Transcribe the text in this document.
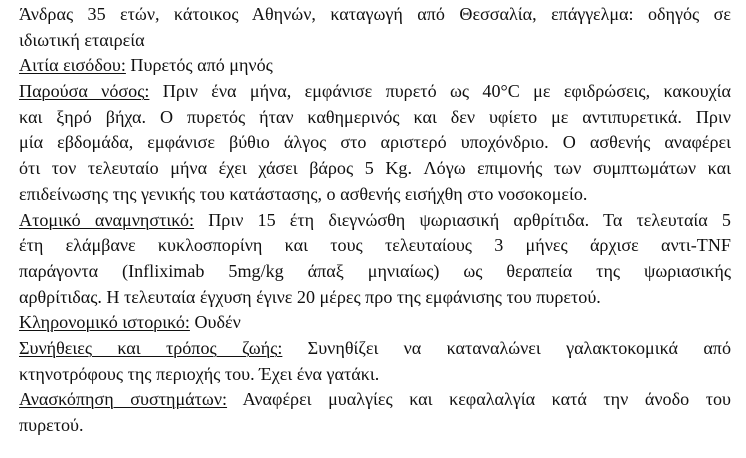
Άνδρας 35 ετών, κάτοικος Αθηνών, καταγωγή από Θεσσαλία, επάγγελμα: οδηγός σε
ιδιωτική εταιρεία
Αιτία εισόδου: Πυρετός από μηνός
Παρούσα νόσος: Πριν ένα μήνα, εμφάνισε πυρετό ως 40°C με εφιδρώσεις, κακουχία
και ξηρό βήχα. Ο πυρετός ήταν καθημερινός και δεν υφίετο με αντιπυρετικά. Πριν
μία εβδομάδα, εμφάνισε βύθιο άλγος στο αριστερό υποχόνδριο. Ο ασθενής αναφέρει
ότι τον τελευταίο μήνα έχει χάσει βάρος 5 Kg. Λόγω επιμονής των συμπτωμάτων και
επιδείνωσης της γενικής του κατάστασης, ο ασθενής εισήχθη στο νοσοκομείο.
Ατομικό αναμνηστικό: Πριν 15 έτη διεγνώσθη ψωριασική αρθρίτιδα. Τα τελευταία 5
έτη ελάμβανε κυκλοσπορίνη και τους τελευταίους 3 μήνες άρχισε αντι-TNF
παράγοντα (Infliximab 5mg/kg άπαξ μηνιαίως) ως θεραπεία της ψωριασικής
αρθρίτιδας. Η τελευταία έγχυση έγινε 20 μέρες προ της εμφάνισης του πυρετού.
Κληρονομικό ιστορικό: Ουδέν
Συνήθειες και τρόπος ζωής: Συνηθίζει να καταναλώνει γαλακτοκομικά από
κτηνοτρόφους της περιοχής του. Έχει ένα γατάκι.
Ανασκόπηση συστημάτων: Αναφέρει μυαλγίες και κεφαλαλγία κατά την άνοδο του
πυρετού.
